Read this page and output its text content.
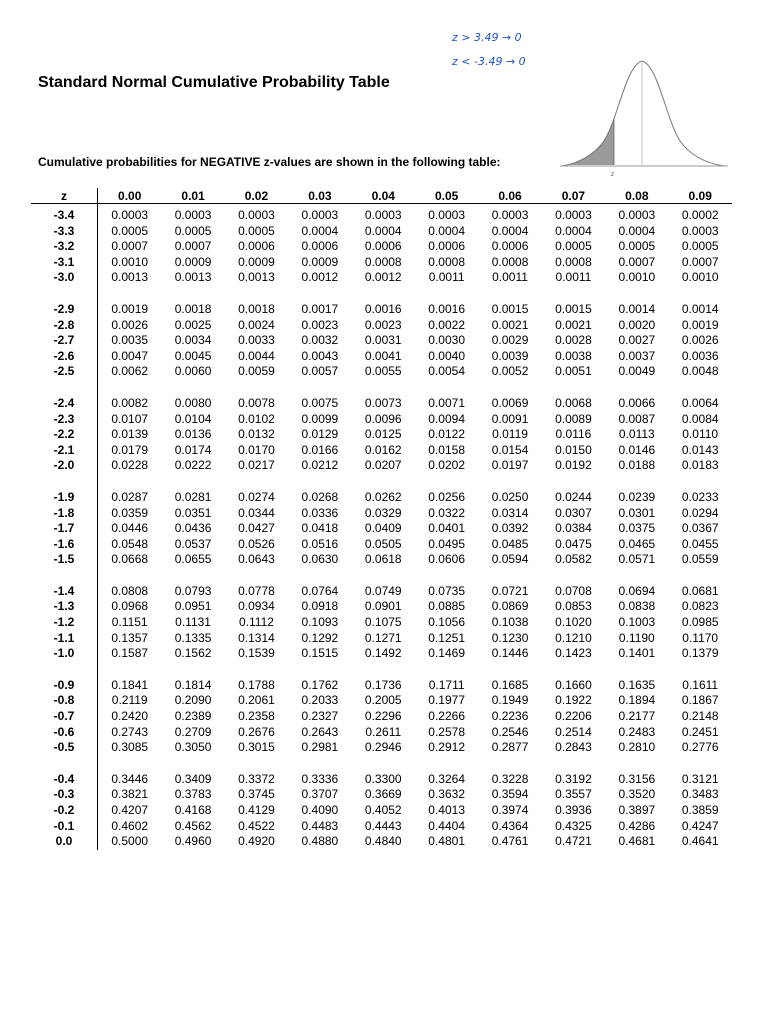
z > 3.49 → 0
z < -3.49 → 0
Standard Normal Cumulative Probability Table
z
Cumulative probabilities for NEGATIVE z-values are shown in the following table:
z	0.00	0.01	0.02	0.03	0.04	0.05	0.06	0.07	0.08	0.09

-3.4	0.0003	0.0003	0.0003	0.0003	0.0003	0.0003	0.0003	0.0003	0.0003	0.0002
-3.3	0.0005	0.0005	0.0005	0.0004	0.0004	0.0004	0.0004	0.0004	0.0004	0.0003
-3.2	0.0007	0.0007	0.0006	0.0006	0.0006	0.0006	0.0006	0.0005	0.0005	0.0005
-3.1	0.0010	0.0009	0.0009	0.0009	0.0008	0.0008	0.0008	0.0008	0.0007	0.0007
-3.0	0.0013	0.0013	0.0013	0.0012	0.0012	0.0011	0.0011	0.0011	0.0010	0.0010

-2.9	0.0019	0.0018	0.0018	0.0017	0.0016	0.0016	0.0015	0.0015	0.0014	0.0014
-2.8	0.0026	0.0025	0.0024	0.0023	0.0023	0.0022	0.0021	0.0021	0.0020	0.0019
-2.7	0.0035	0.0034	0.0033	0.0032	0.0031	0.0030	0.0029	0.0028	0.0027	0.0026
-2.6	0.0047	0.0045	0.0044	0.0043	0.0041	0.0040	0.0039	0.0038	0.0037	0.0036
-2.5	0.0062	0.0060	0.0059	0.0057	0.0055	0.0054	0.0052	0.0051	0.0049	0.0048

-2.4	0.0082	0.0080	0.0078	0.0075	0.0073	0.0071	0.0069	0.0068	0.0066	0.0064
-2.3	0.0107	0.0104	0.0102	0.0099	0.0096	0.0094	0.0091	0.0089	0.0087	0.0084
-2.2	0.0139	0.0136	0.0132	0.0129	0.0125	0.0122	0.0119	0.0116	0.0113	0.0110
-2.1	0.0179	0.0174	0.0170	0.0166	0.0162	0.0158	0.0154	0.0150	0.0146	0.0143
-2.0	0.0228	0.0222	0.0217	0.0212	0.0207	0.0202	0.0197	0.0192	0.0188	0.0183

-1.9	0.0287	0.0281	0.0274	0.0268	0.0262	0.0256	0.0250	0.0244	0.0239	0.0233
-1.8	0.0359	0.0351	0.0344	0.0336	0.0329	0.0322	0.0314	0.0307	0.0301	0.0294
-1.7	0.0446	0.0436	0.0427	0.0418	0.0409	0.0401	0.0392	0.0384	0.0375	0.0367
-1.6	0.0548	0.0537	0.0526	0.0516	0.0505	0.0495	0.0485	0.0475	0.0465	0.0455
-1.5	0.0668	0.0655	0.0643	0.0630	0.0618	0.0606	0.0594	0.0582	0.0571	0.0559

-1.4	0.0808	0.0793	0.0778	0.0764	0.0749	0.0735	0.0721	0.0708	0.0694	0.0681
-1.3	0.0968	0.0951	0.0934	0.0918	0.0901	0.0885	0.0869	0.0853	0.0838	0.0823
-1.2	0.1151	0.1131	0.1112	0.1093	0.1075	0.1056	0.1038	0.1020	0.1003	0.0985
-1.1	0.1357	0.1335	0.1314	0.1292	0.1271	0.1251	0.1230	0.1210	0.1190	0.1170
-1.0	0.1587	0.1562	0.1539	0.1515	0.1492	0.1469	0.1446	0.1423	0.1401	0.1379

-0.9	0.1841	0.1814	0.1788	0.1762	0.1736	0.1711	0.1685	0.1660	0.1635	0.1611
-0.8	0.2119	0.2090	0.2061	0.2033	0.2005	0.1977	0.1949	0.1922	0.1894	0.1867
-0.7	0.2420	0.2389	0.2358	0.2327	0.2296	0.2266	0.2236	0.2206	0.2177	0.2148
-0.6	0.2743	0.2709	0.2676	0.2643	0.2611	0.2578	0.2546	0.2514	0.2483	0.2451
-0.5	0.3085	0.3050	0.3015	0.2981	0.2946	0.2912	0.2877	0.2843	0.2810	0.2776

-0.4	0.3446	0.3409	0.3372	0.3336	0.3300	0.3264	0.3228	0.3192	0.3156	0.3121
-0.3	0.3821	0.3783	0.3745	0.3707	0.3669	0.3632	0.3594	0.3557	0.3520	0.3483
-0.2	0.4207	0.4168	0.4129	0.4090	0.4052	0.4013	0.3974	0.3936	0.3897	0.3859
-0.1	0.4602	0.4562	0.4522	0.4483	0.4443	0.4404	0.4364	0.4325	0.4286	0.4247
0.0	0.5000	0.4960	0.4920	0.4880	0.4840	0.4801	0.4761	0.4721	0.4681	0.4641
